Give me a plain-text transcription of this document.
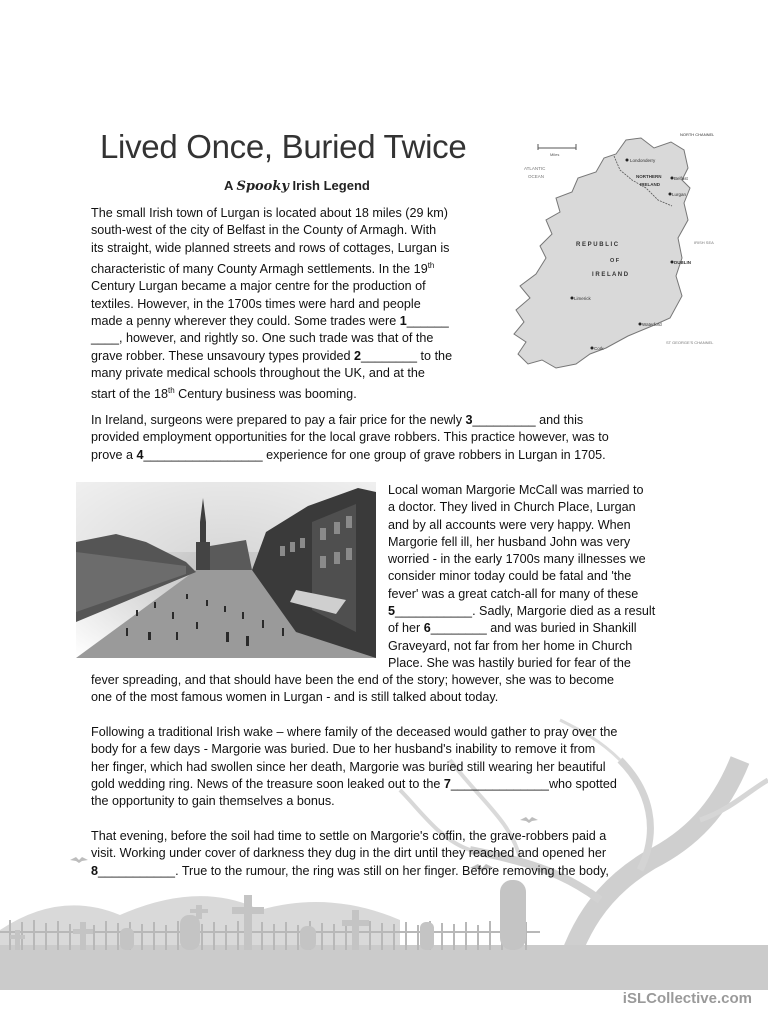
Lived Once, Buried Twice
A Spooky Irish Legend
Miles
NORTH CHANNEL
ATLANTIC
OCEAN
Londonderry
NORTHERN
IRELAND
Belfast
Lurgan
R E P U B L I C
O F
I R E L A N D
IRISH SEA
DUBLIN
Limerick
Waterford
Cork
ST GEORGE'S CHANNEL
The small Irish town of Lurgan is located about 18 miles (29 km)
south-west of the city of Belfast in the County of Armagh. With
its straight, wide planned streets and rows of cottages, Lurgan is
characteristic of many County Armagh settlements. In the 19th
Century Lurgan became a major centre for the production of
textiles. However, in the 1700s times were hard and people
made a penny wherever they could. Some trades were 1______
____, however, and rightly so. One such trade was that of the
grave robber. These unsavoury types provided 2________ to the
many private medical schools throughout the UK, and at the
start of the 18th Century business was booming.
In Ireland, surgeons were prepared to pay a fair price for the newly 3_________ and this
provided employment opportunities for the local grave robbers. This practice however, was to
prove a 4_________________ experience for one group of grave robbers in Lurgan in 1705.
Local woman Margorie McCall was married to
a doctor. They lived in Church Place, Lurgan
and by all accounts were very happy. When
Margorie fell ill, her husband John was very
worried - in the early 1700s many illnesses we
consider minor today could be fatal and 'the
fever' was a great catch-all for many of these
5___________. Sadly, Margorie died as a result
of her 6________ and was buried in Shankill
Graveyard, not far from her home in Church
Place. She was hastily buried for fear of the
fever spreading, and that should have been the end of the story; however, she was to become
one of the most famous women in Lurgan - and is still talked about today.
Following a traditional Irish wake – where family of the deceased would gather to pray over the
body for a few days - Margorie was buried. Due to her husband's inability to remove it from
her finger, which had swollen since her death, Margorie was buried still wearing her beautiful
gold wedding ring. News of the treasure soon leaked out to the 7______________who spotted
the opportunity to gain themselves a bonus.
That evening, before the soil had time to settle on Margorie's coffin, the grave-robbers paid a
visit. Working under cover of darkness they dug in the dirt until they reached and opened her
8___________. True to the rumour, the ring was still on her finger. Before removing the body,
iSLCollective.com
